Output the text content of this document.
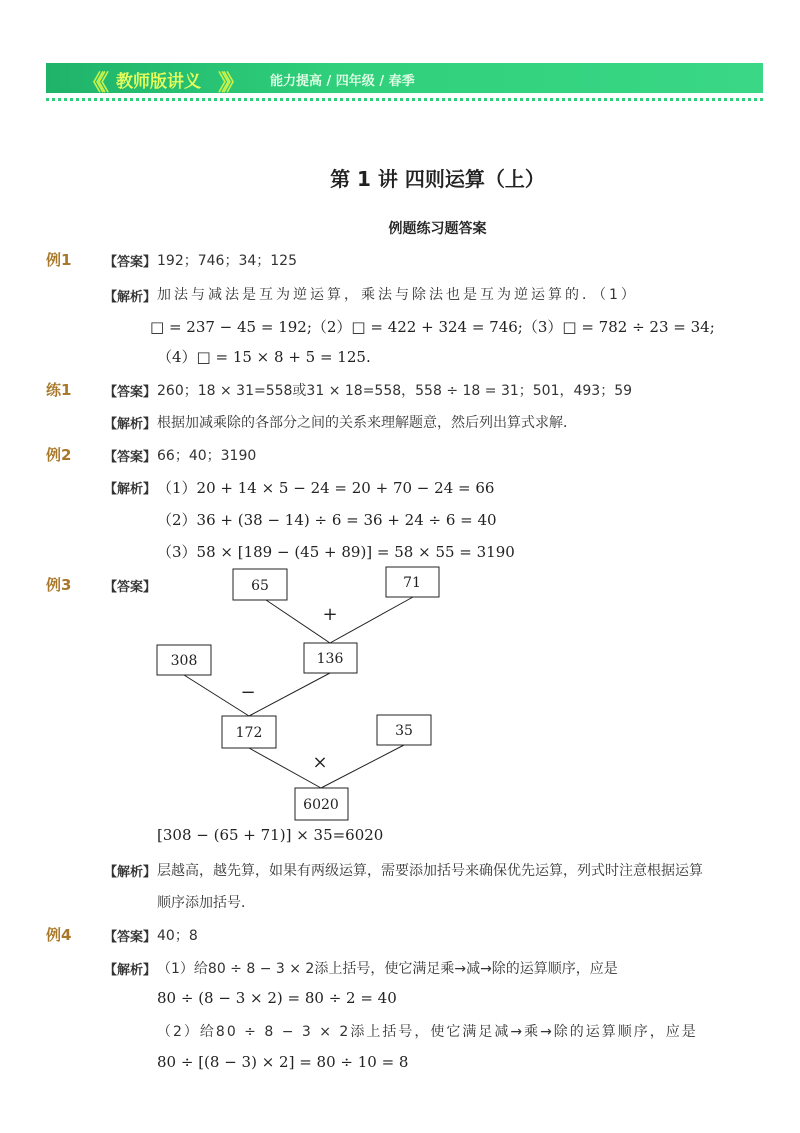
《《 教师版讲义 》》 能力提高 / 四年级 / 春季
第 1 讲 四则运算（上）
例题练习题答案
例1	【答案】 192；746；34；125
【解析】 加法与减法是互为逆运算，乘法与除法也是互为逆运算的．（1）
□ = 237 − 45 = 192;（2）□ = 422 + 324 = 746;（3）□ = 782 ÷ 23 = 34;
（4）□ = 15 × 8 + 5 = 125.
练1	【答案】 260；18 × 31=558或31 × 18=558，558 ÷ 18 = 31；501，493；59
【解析】 根据加减乘除的各部分之间的关系来理解题意，然后列出算式求解．
例2	【答案】 66；40；3190
【解析】 （1）20 + 14 × 5 − 24 = 20 + 70 − 24 = 66
（2）36 + (38 − 14) ÷ 6 = 36 + 24 ÷ 6 = 40
（3）58 × [189 − (45 + 89)] = 58 × 55 = 3190
例3	【答案】	65	71
308	136
172	35
6020
+
−
×
[308 − (65 + 71)] × 35=6020
【解析】 层越高，越先算，如果有两级运算，需要添加括号来确保优先运算，列式时注意根据运算
顺序添加括号．
例4	【答案】 40；8
【解析】 （1）给80 ÷ 8 − 3 × 2添上括号，使它满足乘→减→除的运算顺序，应是
80 ÷ (8 − 3 × 2) = 80 ÷ 2 = 40
（2）给80 ÷ 8 − 3 × 2添上括号，使它满足减→乘→除的运算顺序，应是
80 ÷ [(8 − 3) × 2] = 80 ÷ 10 = 8
